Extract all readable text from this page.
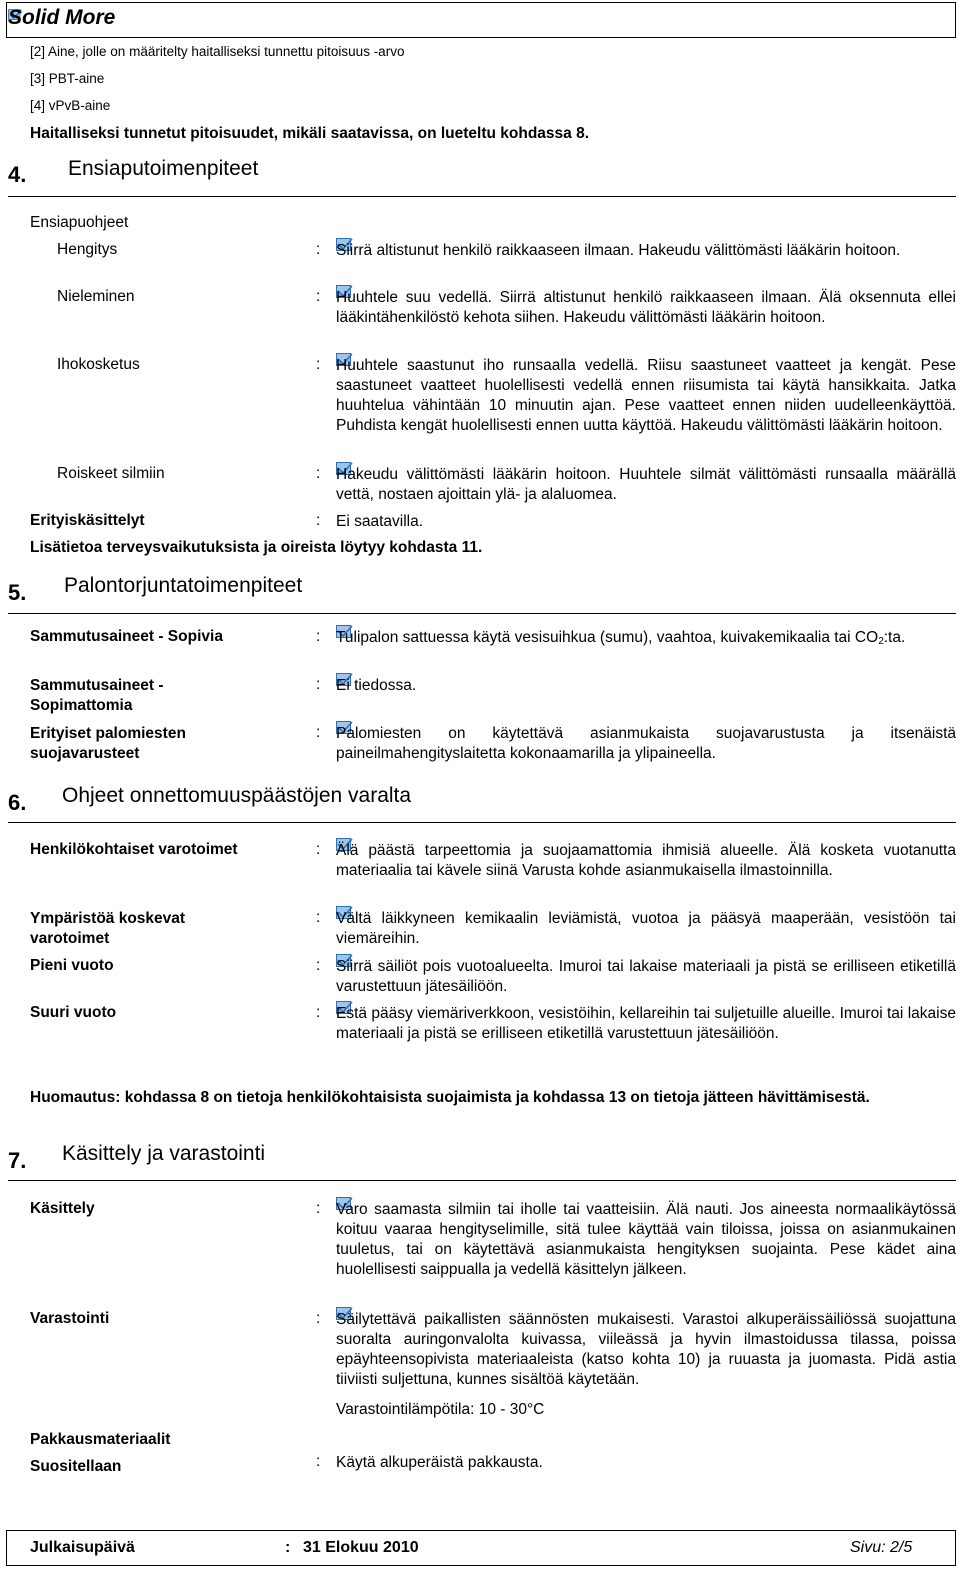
Solid More
[2] Aine, jolle on määritelty haitalliseksi tunnettu pitoisuus -arvo
[3] PBT-aine
[4] vPvB-aine
Haitalliseksi tunnetut pitoisuudet, mikäli saatavissa, on lueteltu kohdassa 8.
4. Ensiaputoimenpiteet
Ensiapuohjeet
Hengitys	: Siirrä altistunut henkilö raikkaaseen ilmaan. Hakeudu välittömästi lääkärin hoitoon.
Nieleminen	: Huuhtele suu vedellä. Siirrä altistunut henkilö raikkaaseen ilmaan. Älä oksennuta ellei lääkintähenkilöstö kehota siihen. Hakeudu välittömästi lääkärin hoitoon.
Ihokosketus	: Huuhtele saastunut iho runsaalla vedellä. Riisu saastuneet vaatteet ja kengät. Pese saastuneet vaatteet huolellisesti vedellä ennen riisumista tai käytä hansikkaita. Jatka huuhtelua vähintään 10 minuutin ajan. Pese vaatteet ennen niiden uudelleenkäyttöä. Puhdista kengät huolellisesti ennen uutta käyttöä. Hakeudu välittömästi lääkärin hoitoon.
Roiskeet silmiin	: Hakeudu välittömästi lääkärin hoitoon. Huuhtele silmät välittömästi runsaalla määrällä vettä, nostaen ajoittain ylä- ja alaluomea.
Erityiskäsittelyt	: Ei saatavilla.
Lisätietoa terveysvaikutuksista ja oireista löytyy kohdasta 11.
5. Palontorjuntatoimenpiteet
Sammutusaineet - Sopivia	: Tulipalon sattuessa käytä vesisuihkua (sumu), vaahtoa, kuivakemikaalia tai $CO_2:ta$.
Sammutusaineet -
Sopimattomia
: Ei tiedossa.
Erityiset palomiesten
suojavarusteet
: Palomiesten on käytettävä asianmukaista suojavarustusta ja itsenäistä paineilmahengityslaitetta kokonaamarilla ja ylipaineella.
6. Ohjeet onnettomuuspäästöjen varalta
Henkilökohtaiset varotoimet	: Älä päästä tarpeettomia ja suojaamattomia ihmisiä alueelle. Älä kosketa vuotanutta materiaalia tai kävele siinä Varusta kohde asianmukaisella ilmastoinnilla.
Ympäristöä koskevat
varotoimet
: Vältä läikkyneen kemikaalin leviämistä, vuotoa ja pääsyä maaperään, vesistöön tai viemäreihin.
Pieni vuoto	: Siirrä säiliöt pois vuotoalueelta. Imuroi tai lakaise materiaali ja pistä se erilliseen etiketillä varustettuun jätesäiliöön.
Suuri vuoto	: Estä pääsy viemäriverkkoon, vesistöihin, kellareihin tai suljetuille alueille. Imuroi tai lakaise materiaali ja pistä se erilliseen etiketillä varustettuun jätesäiliöön.
Huomautus: kohdassa 8 on tietoja henkilökohtaisista suojaimista ja kohdassa 13 on tietoja jätteen hävittämisestä.
7. Käsittely ja varastointi
Käsittely	: Varo saamasta silmiin tai iholle tai vaatteisiin. Älä nauti. Jos aineesta normaalikäytössä koituu vaaraa hengityselimille, sitä tulee käyttää vain tiloissa, joissa on asianmukainen tuuletus, tai on käytettävä asianmukaista hengityksen suojainta. Pese kädet aina huolellisesti saippualla ja vedellä käsittelyn jälkeen.
Varastointi	: Säilytettävä paikallisten säännösten mukaisesti. Varastoi alkuperäissäiliössä suojattuna suoralta auringonvalolta kuivassa, viileässä ja hyvin ilmastoidussa tilassa, poissa epäyhteensopivista materiaaleista (katso kohta 10) ja ruuasta ja juomasta. Pidä astia tiiviisti suljettuna, kunnes sisältöä käytetään.
Varastointilämpötila: 10 - 30°C
Pakkausmateriaalit
Suositellaan	: Käytä alkuperäistä pakkausta.
Julkaisupäivä	: 31 Elokuu 2010	Sivu: 2/5
